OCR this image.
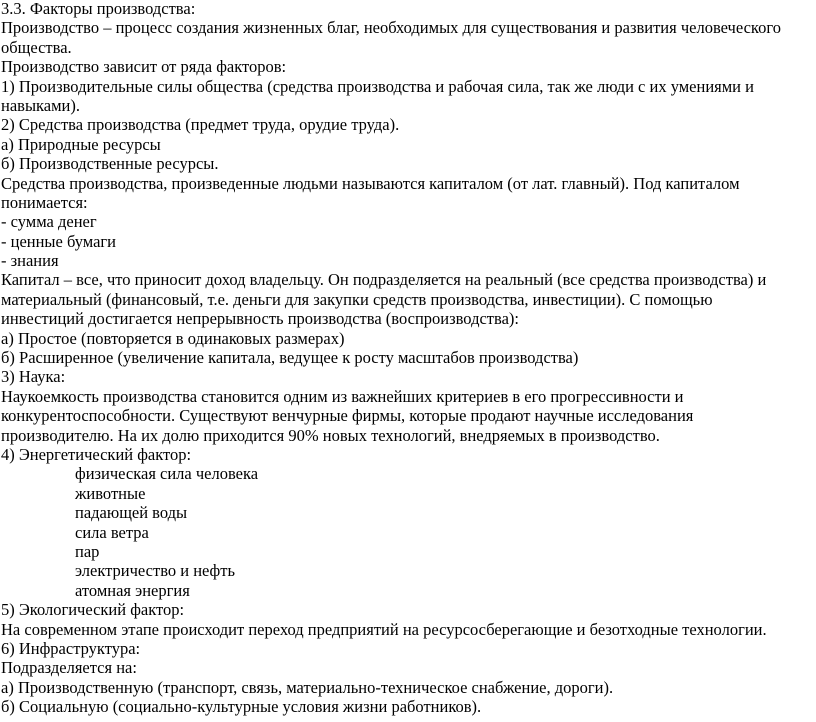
3.3. Факторы производства:
Производство – процесс создания жизненных благ, необходимых для существования и развития человеческого
общества.
Производство зависит от ряда факторов:
1) Производительные силы общества (средства производства и рабочая сила, так же люди с их умениями и
навыками).
2) Средства производства (предмет труда, орудие труда).
а) Природные ресурсы
б) Производственные ресурсы.
Средства производства, произведенные людьми называются капиталом (от лат. главный). Под капиталом
понимается:
- сумма денег
- ценные бумаги
- знания
Капитал – все, что приносит доход владельцу. Он подразделяется на реальный (все средства производства) и
материальный (финансовый, т.е. деньги для закупки средств производства, инвестиции). С помощью
инвестиций достигается непрерывность производства (воспроизводства):
а) Простое (повторяется в одинаковых размерах)
б) Расширенное (увеличение капитала, ведущее к росту масштабов производства)
3) Наука:
Наукоемкость производства становится одним из важнейших критериев в его прогрессивности и
конкурентоспособности. Существуют венчурные фирмы, которые продают научные исследования
производителю. На их долю приходится 90% новых технологий, внедряемых в производство.
4) Энергетический фактор:
физическая сила человека
животные
падающей воды
сила ветра
пар
электричество и нефть
атомная энергия
5) Экологический фактор:
На современном этапе происходит переход предприятий на ресурсосберегающие и безотходные технологии.
6) Инфраструктура:
Подразделяется на:
а) Производственную (транспорт, связь, материально-техническое снабжение, дороги).
б) Социальную (социально-культурные условия жизни работников).
